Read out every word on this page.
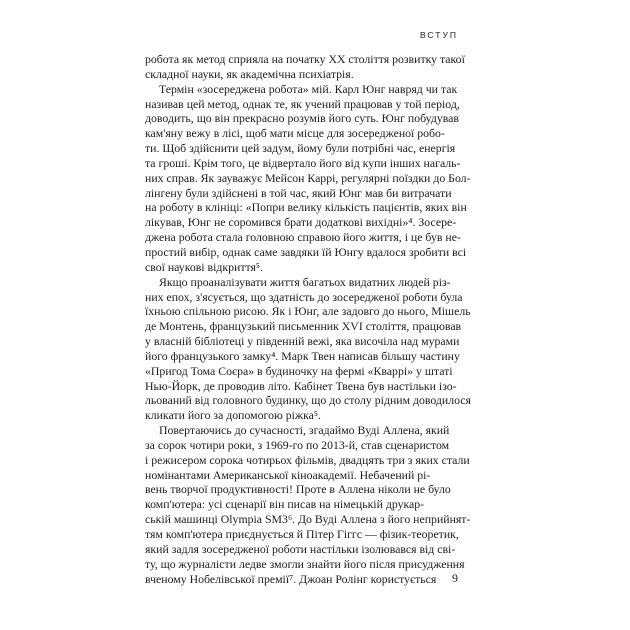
ВСТУП
робота як метод сприяла на початку XX століття розвитку такої
складної науки, як академічна психіатрія.
Термін «зосереджена робота» мій. Карл Юнг навряд чи так
називав цей метод, однак те, як учений працював у той період,
доводить, що він прекрасно розумів його суть. Юнг побудував
кам'яну вежу в лісі, щоб мати місце для зосередженої робо-
ти. Щоб здійснити цей задум, йому були потрібні час, енергія
та гроші. Крім того, це відвертало його від купи інших нагаль-
них справ. Як зауважує Мейсон Каррі, регулярні поїздки до Бол-
лінгену були здійснені в той час, який Юнг мав би витрачати
на роботу в клініці: «Попри велику кількість пацієнтів, яких він
лікував, Юнг не соромився брати додаткові вихідні»⁴. Зосере-
джена робота стала головною справою його життя, і це був не-
простий вибір, однак саме завдяки їй Юнгу вдалося зробити всі
свої наукові відкриття⁵.
Якщо проаналізувати життя багатьох видатних людей різ-
них епох, з'ясується, що здатність до зосередженої роботи була
їхньою спільною рисою. Як і Юнг, але задовго до нього, Мішель
де Монтень, французький письменник XVI століття, працював
у власній бібліотеці у південній вежі, яка височіла над мурами
його французького замку⁴. Марк Твен написав більшу частину
«Пригод Тома Соєра» в будиночку на фермі «Кваррі» у штаті
Нью-Йорк, де проводив літо. Кабінет Твена був настільки ізо-
льований від головного будинку, що до столу рідним доводилося
кликати його за допомогою ріжка⁵.
Повертаючись до сучасності, згадаймо Вуді Аллена, який
за сорок чотири роки, з 1969-го по 2013-й, став сценаристом
і режисером сорока чотирьох фільмів, двадцять три з яких стали
номінантами Американської кіноакадемії. Небачений рі-
вень творчої продуктивності! Проте в Аллена ніколи не було
комп'ютера: усі сценарії він писав на німецькій друкар-
ській машинці Olympia SM3⁶. До Вуді Аллена з його неприйнят-
тям комп'ютера приєднується й Пітер Гіггс — фізик-теоретик,
який задля зосередженої роботи настільки ізолювався від сві-
ту, що журналісти ледве змогли знайти його після присудження
вченому Нобелівської премії⁷. Джоан Ролінг користується	9
